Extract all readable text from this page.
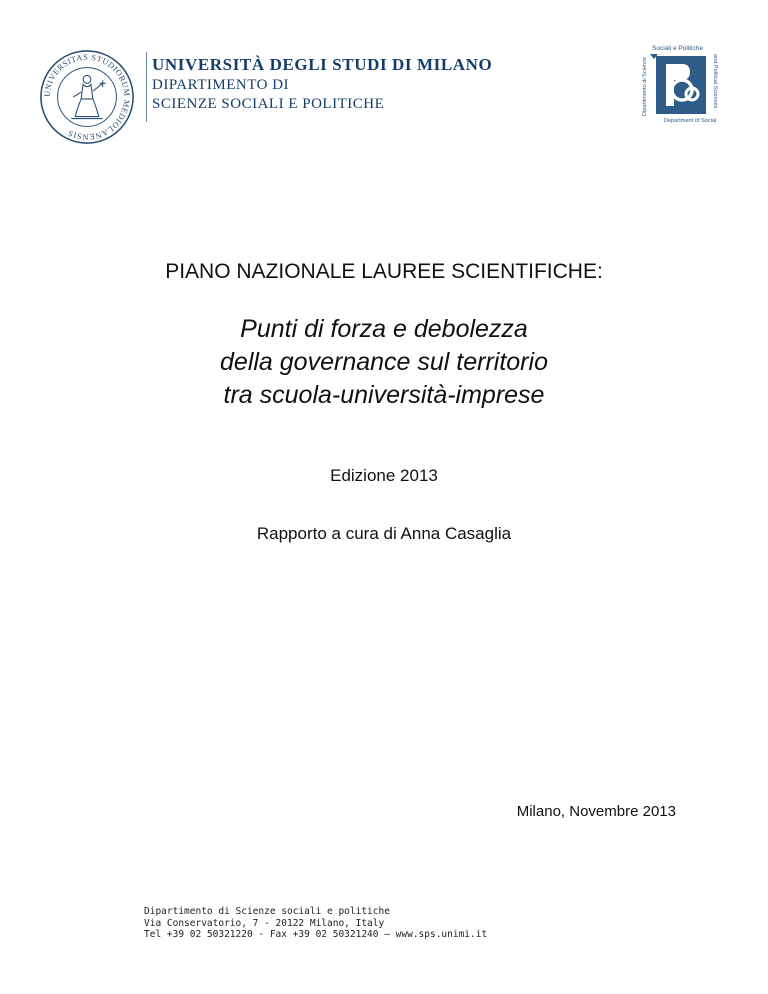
UNIVERSITAS STUDIORUM MEDIOLANENSIS
UNIVERSITÀ DEGLI STUDI DI MILANO
DIPARTIMENTO DI
SCIENZE SOCIALI E POLITICHE
Sociali e Politiche
Dipartimento di Scienze	and Political Sciences
Department of Social
PIANO NAZIONALE LAUREE SCIENTIFICHE:
Punti di forza e debolezza
della governance sul territorio
tra scuola-università-imprese
Edizione 2013
Rapporto a cura di Anna Casaglia
Milano, Novembre 2013
Dipartimento di Scienze sociali e politiche
Via Conservatorio, 7 - 20122 Milano, Italy
Tel +39 02 50321220 - Fax +39 02 50321240 – www.sps.unimi.it
